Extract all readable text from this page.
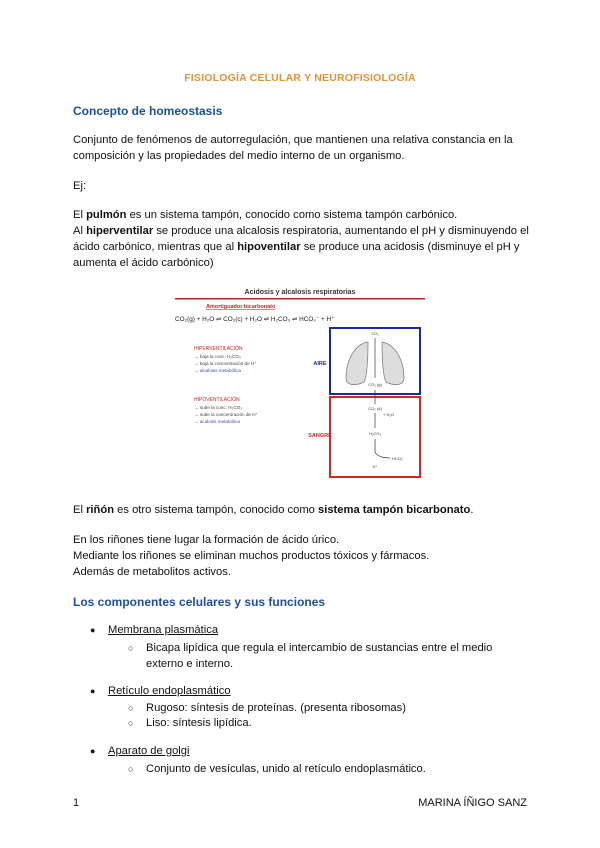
FISIOLOGÍA CELULAR Y NEUROFISIOLOGÍA
Concepto de homeostasis
Conjunto de fenómenos de autorregulación, que mantienen una relativa constancia en la
composición y las propiedades del medio interno de un organismo.
Ej:
El pulmón es un sistema tampón, conocido como sistema tampón carbónico.
Al hiperventilar se produce una alcalosis respiratoria, aumentando el pH y disminuyendo el
ácido carbónico, mientras que al hipoventilar se produce una acidosis (disminuye el pH y
aumenta el ácido carbónico)
Acidosis y alcalosis respiratorias
Amortiguador bicarbonato
CO₂(g) + H₂O ⇌ CO₂(c) + H₂O ⇌ H₂CO₃ ⇌ HCO₃⁻ + H⁺
CO₂
CO₂ (g)
AIRE
SANGRE
CO₂ (d)
+ H₂O
H₂CO₃
HCO₃⁻
H⁺
HIPERVENTILACIÓN
→ baja la conc. H₂CO₃
→ baja la concentración de H⁺
→ alcalosis metabólica
HIPOVENTILACIÓN
→ sube la conc. H₂CO₃
→ sube la concentración de H⁺
→ acidosis metabólica
El riñón es otro sistema tampón, conocido como sistema tampón bicarbonato.
En los riñones tiene lugar la formación de ácido úrico.
Mediante los riñones se eliminan muchos productos tóxicos y fármacos.
Además de metabolitos activos.
Los componentes celulares y sus funciones
● Membrana plasmática
○ Bicapa lipídica que regula el intercambio de sustancias entre el medio externo e interno.
● Retículo endoplasmático
○ Rugoso: síntesis de proteínas. (presenta ribosomas)
○ Liso: síntesis lipídica.
● Aparato de golgi
○ Conjunto de vesículas, unido al retículo endoplasmático.
1	MARINA ÍÑIGO SANZ
